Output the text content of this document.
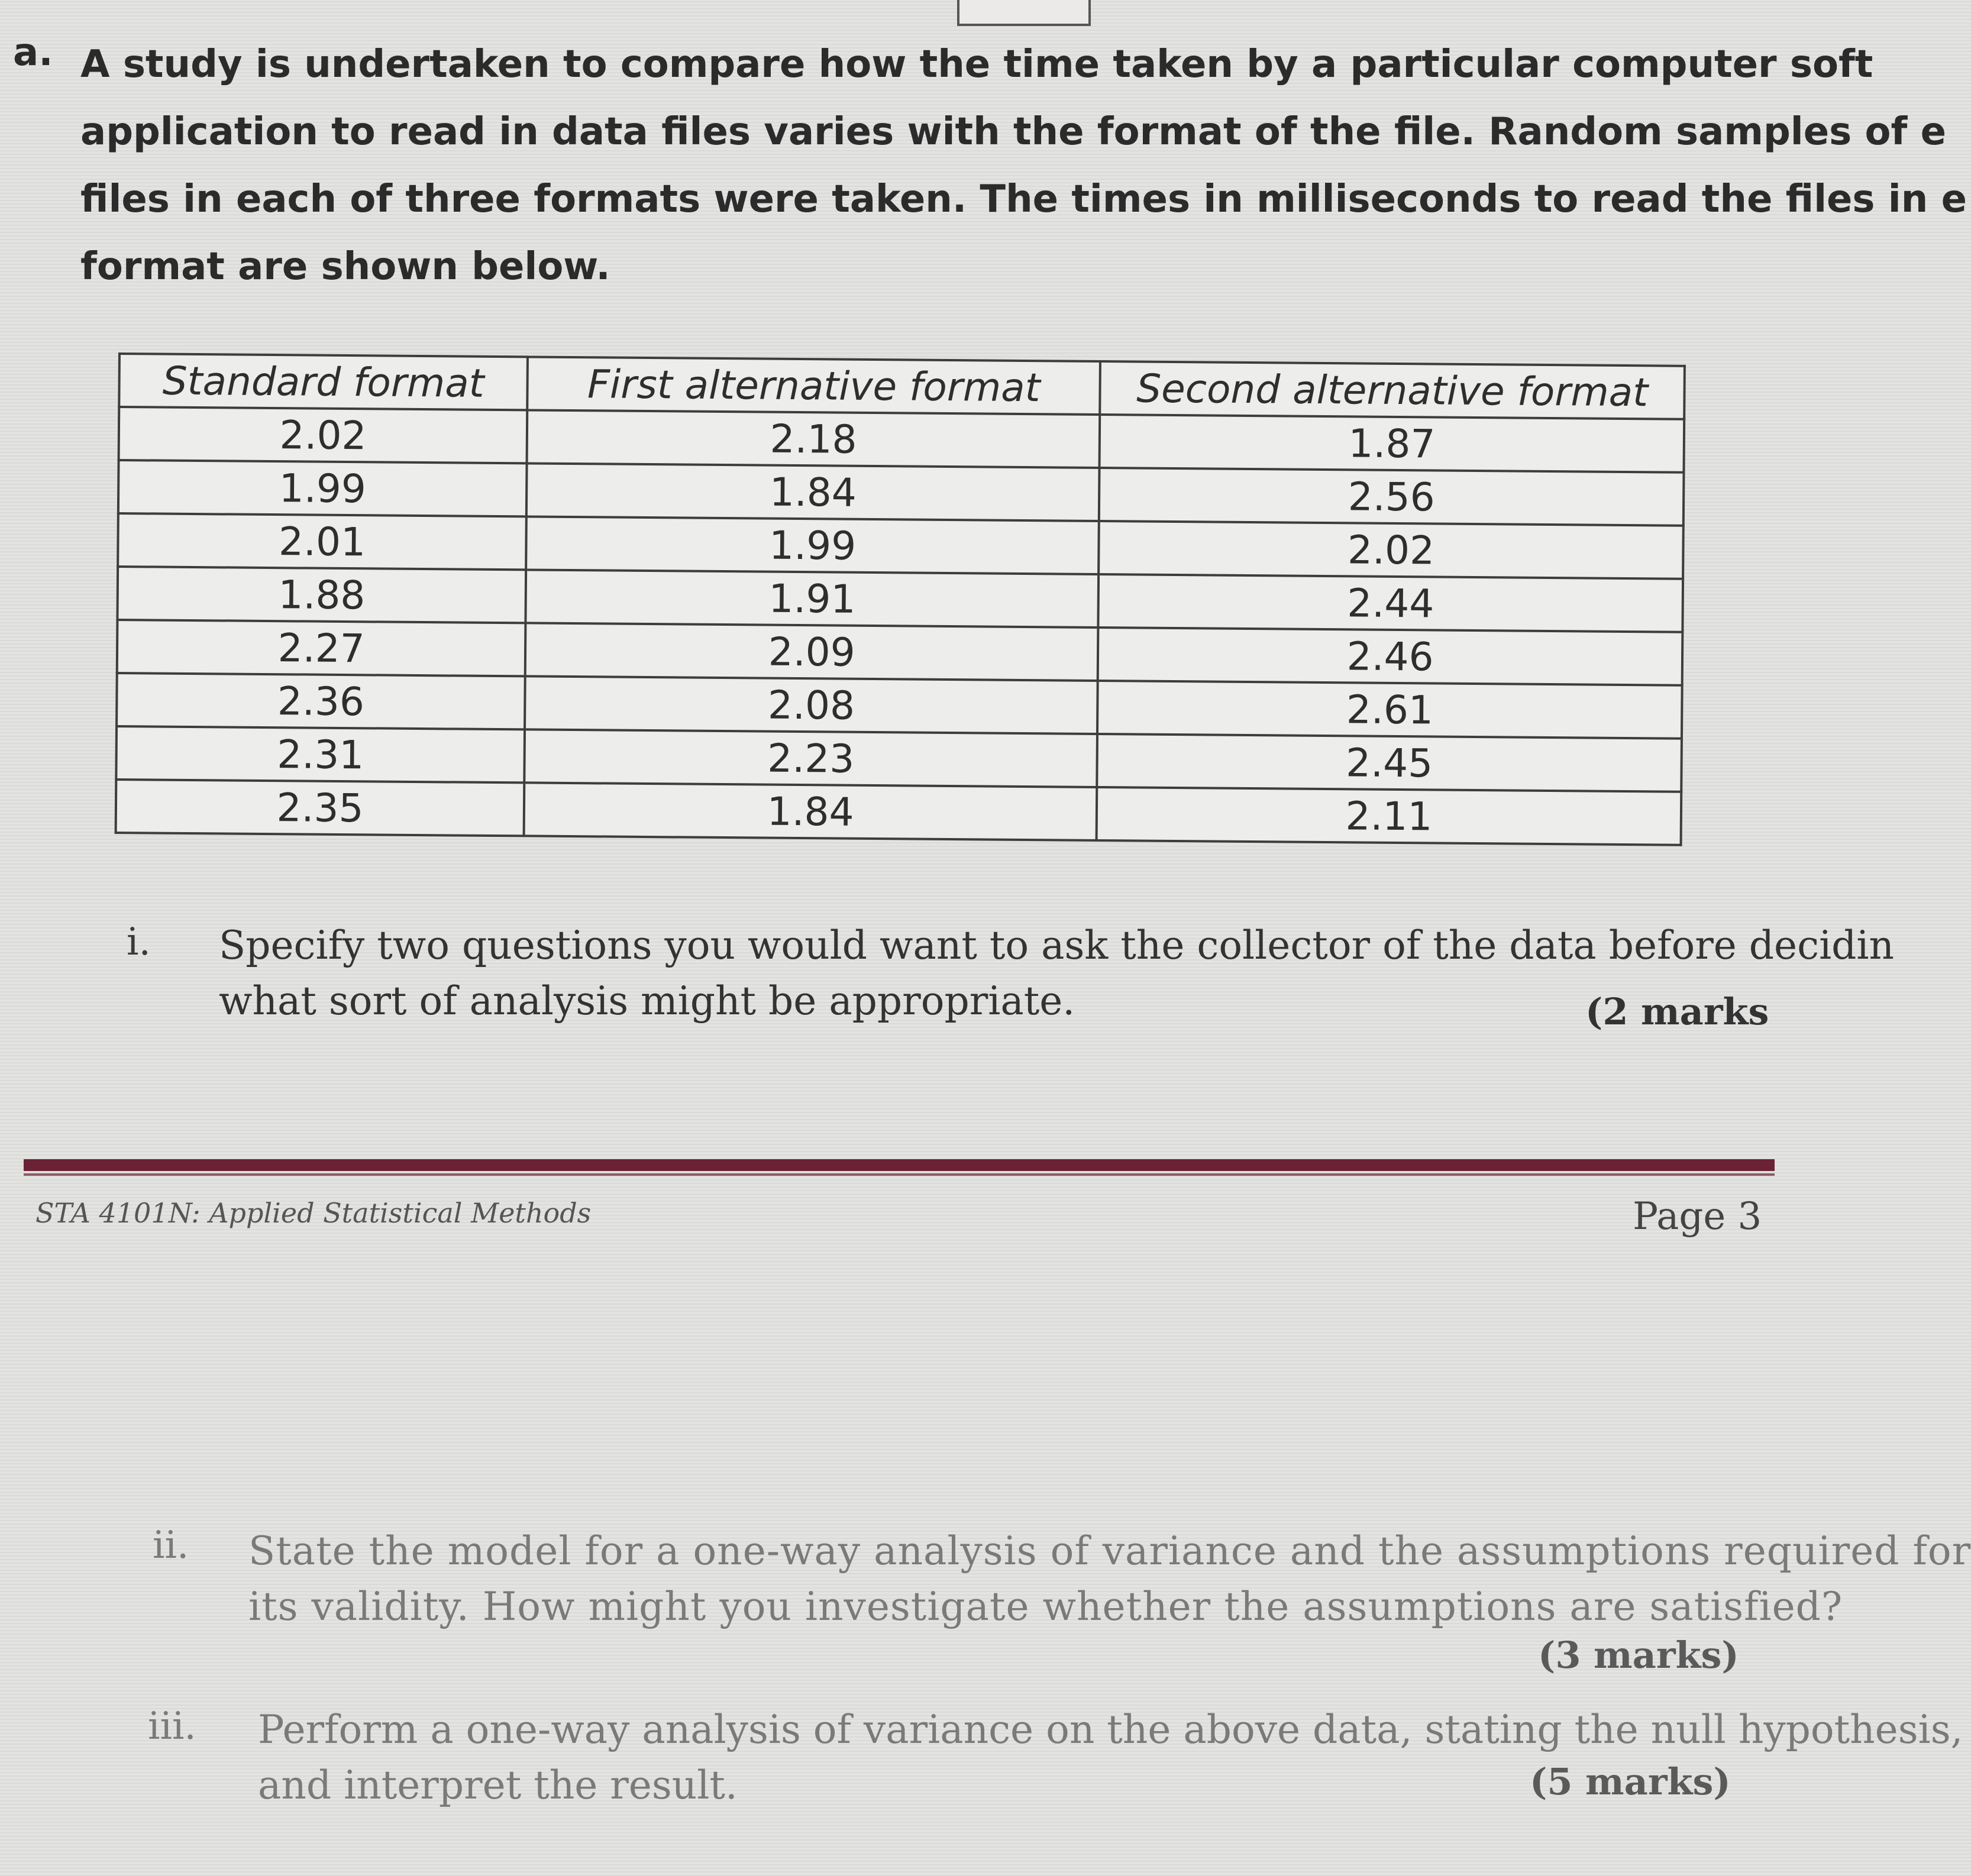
a. A study is undertaken to compare how the time taken by a particular computer soft
application to read in data files varies with the format of the file. Random samples of e
files in each of three formats were taken. The times in milliseconds to read the files in e
format are shown below.
Standard format	First alternative format	Second alternative format
2.02	2.18	1.87
1.99	1.84	2.56
2.01	1.99	2.02
1.88	1.91	2.44
2.27	2.09	2.46
2.36	2.08	2.61
2.31	2.23	2.45
2.35	1.84	2.11
i. Specify two questions you would want to ask the collector of the data before decidin
what sort of analysis might be appropriate.	(2 marks
STA 4101N: Applied Statistical Methods	Page 3
ii. State the model for a one-way analysis of variance and the assumptions required for
its validity. How might you investigate whether the assumptions are satisfied?
(3 marks)
iii. Perform a one-way analysis of variance on the above data, stating the null hypothesis,
and interpret the result.	(5 marks)
